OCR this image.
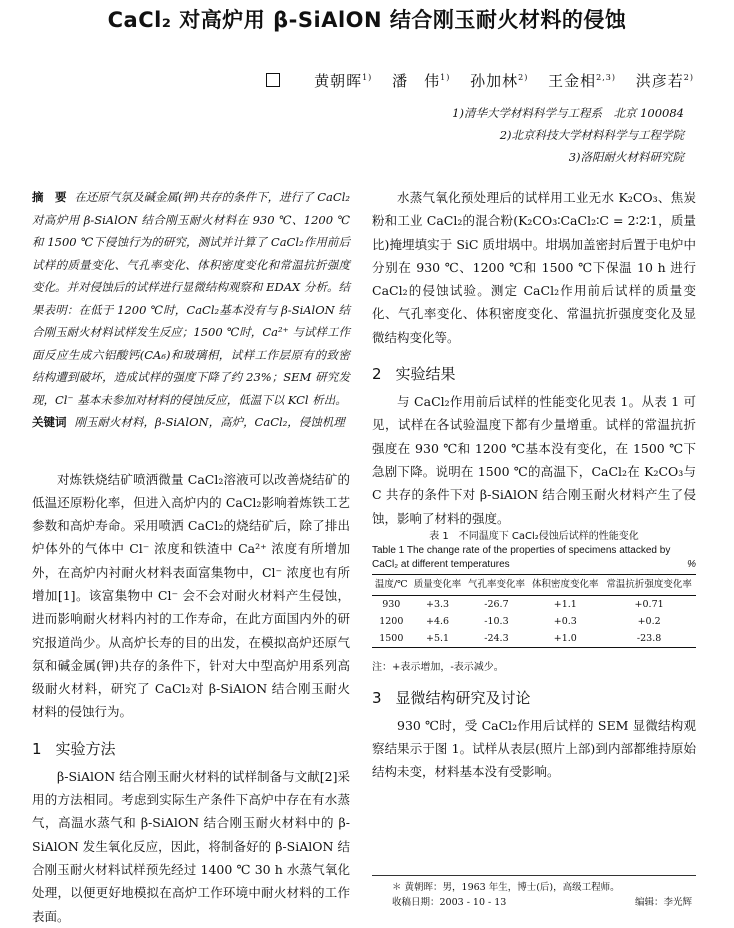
CaCl₂ 对高炉用 β-SiAlON 结合刚玉耐火材料的侵蚀
黄朝晖$^{1)}$ 潘　伟$^{1)}$ 孙加林$^{2)}$ 王金相$^{2,3)}$ 洪彦若$^{2)}$
1)清华大学材料科学与工程系　北京 100084
2)北京科技大学材料科学与工程学院
3)洛阳耐火材料研究院

摘　要 在还原气氛及碱金属(钾)共存的条件下，进行了 CaCl₂对高炉用 β-SiAlON 结合刚玉耐火材料在 930 ℃、1200 ℃和 1500 ℃下侵蚀行为的研究，测试并计算了 CaCl₂作用前后试样的质量变化、气孔率变化、体积密度变化和常温抗折强度变化。并对侵蚀后的试样进行显微结构观察和 EDAX 分析。结果表明：在低于 1200 ℃时，CaCl₂基本没有与 β-SiAlON 结合刚玉耐火材料试样发生反应；1500 ℃时，Ca²⁺ 与试样工作面反应生成六铝酸钙(CA₆)和玻璃相，试样工作层原有的致密结构遭到破坏，造成试样的强度下降了约 23%；SEM 研究发现，Cl⁻ 基本未参加对材料的侵蚀反应，低温下以 KCl 析出。

关键词 刚玉耐火材料，β-SiAlON，高炉，CaCl₂，侵蚀机理

对炼铁烧结矿喷洒微量 CaCl₂溶液可以改善烧结矿的低温还原粉化率，但进入高炉内的 CaCl₂影响着炼铁工艺参数和高炉寿命。采用喷洒 CaCl₂的烧结矿后，除了排出炉体外的气体中 Cl⁻ 浓度和铁渣中 Ca²⁺ 浓度有所增加外，在高炉内衬耐火材料表面富集物中，Cl⁻ 浓度也有所增加[1]。该富集物中 Cl⁻ 会不会对耐火材料产生侵蚀，进而影响耐火材料内衬的工作寿命，在此方面国内外的研究报道尚少。从高炉长寿的目的出发，在模拟高炉还原气氛和碱金属(钾)共存的条件下，针对大中型高炉用系列高级耐火材料，研究了 CaCl₂对 β-SiAlON 结合刚玉耐火材料的侵蚀行为。

1 实验方法

β-SiAlON 结合刚玉耐火材料的试样制备与文献[2]采用的方法相同。考虑到实际生产条件下高炉中存在有水蒸气，高温水蒸气和 β-SiAlON 结合刚玉耐火材料中的 β-SiAlON 发生氧化反应，因此，将制备好的 β-SiAlON 结合刚玉耐火材料试样预先经过 1400 ℃ 30 h 水蒸气氧化处理，以便更好地模拟在高炉工作环境中耐火材料的工作表面。

水蒸气氧化预处理后的试样用工业无水 K₂CO₃、焦炭粉和工业 CaCl₂的混合粉(K₂CO₃∶CaCl₂∶C = 2∶2∶1，质量比)掩埋填实于 SiC 质坩埚中。坩埚加盖密封后置于电炉中分别在 930 ℃、1200 ℃和 1500 ℃下保温 10 h 进行 CaCl₂的侵蚀试验。测定 CaCl₂作用前后试样的质量变化、气孔率变化、体积密度变化、常温抗折强度变化及显微结构变化等。

2 实验结果

与 CaCl₂作用前后试样的性能变化见表 1。从表 1 可见，试样在各试验温度下都有少量增重。试样的常温抗折强度在 930 ℃和 1200 ℃基本没有变化，在 1500 ℃下急剧下降。说明在 1500 ℃的高温下，CaCl₂在 K₂CO₃与 C 共存的条件下对 β-SiAlON 结合刚玉耐火材料产生了侵蚀，影响了材料的强度。

表 1　不同温度下 CaCl₂侵蚀后试样的性能变化
Table 1 The change rate of the properties of specimens attacked by CaCl₂ at different temperatures	%
温度/℃	质量变化率	气孔率变化率	体积密度变化率	常温抗折强度变化率
930	+3.3	-26.7	+1.1	+0.71
1200	+4.6	-10.3	+0.3	+0.2
1500	+5.1	-24.3	+1.0	-23.8
注：+表示增加，-表示减少。
3 显微结构研究及讨论

930 ℃时，受 CaCl₂作用后试样的 SEM 显微结构观察结果示于图 1。试样从表层(照片上部)到内部都维持原始结构未变，材料基本没有受影响。

＊ 黄朝晖：男，1963 年生，博士(后)，高级工程师。
收稿日期：2003 - 10 - 13	编辑：李光辉
